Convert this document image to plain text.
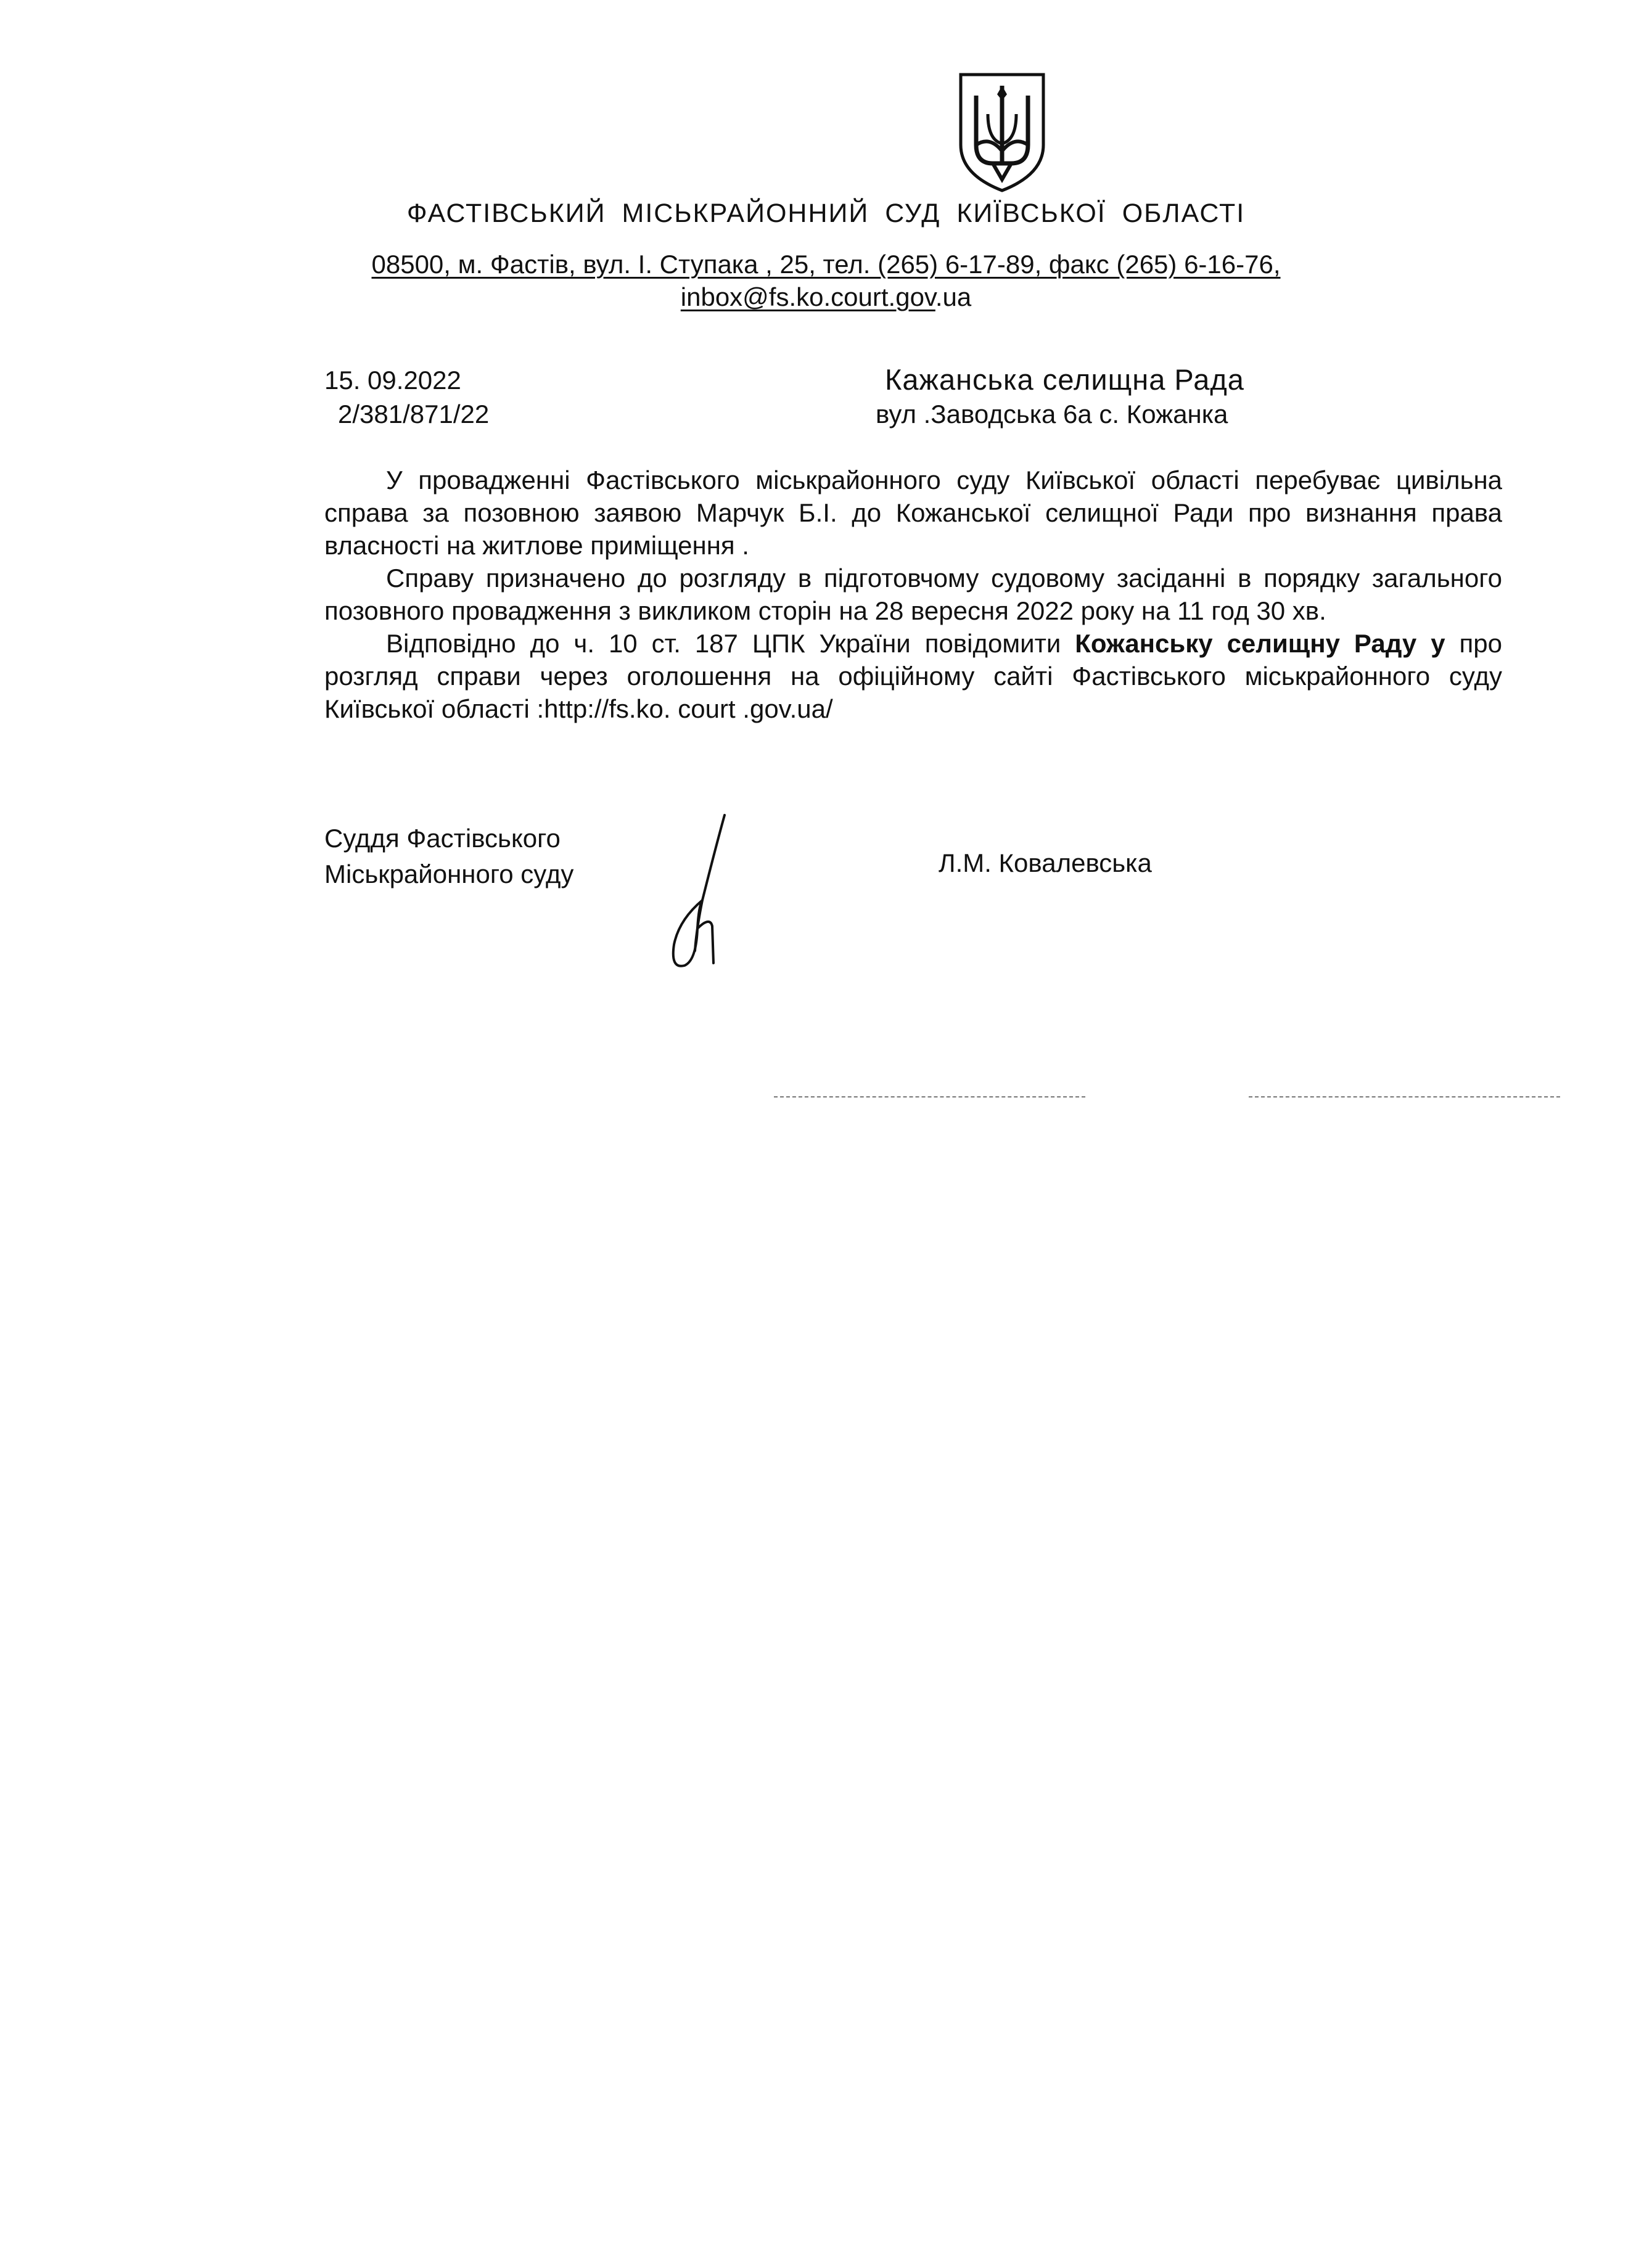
ФАСТІВСЬКИЙ МІСЬКРАЙОННИЙ СУД КИЇВСЬКОЇ ОБЛАСТІ
08500, м. Фастів, вул. І. Ступака , 25, тел. (265) 6-17-89, факс (265) 6-16-76,
inbox@fs.ko.court.gov.ua
15. 09.2022
2/381/871/22
Кажанська селищна Рада
вул .Заводська 6а с. Кожанка

У провадженні Фастівського міськрайонного суду Київської області перебуває цивільна справа за позовною заявою Марчук Б.І. до Кожанської селищної Ради про визнання права власності на житлове приміщення .

Справу призначено до розгляду в підготовчому судовому засіданні в порядку загального позовного провадження з викликом сторін на 28 вересня 2022 року на 11 год 30 хв.

Відповідно до ч. 10 ст. 187 ЦПК України повідомити Кожанську селищну Раду у про розгляд справи через оголошення на офіційному сайті Фастівського міськрайонного суду Київської області :http://fs.ko. court .gov.ua/

Суддя Фастівського
Міськрайонного суду	Л.М. Ковалевська
